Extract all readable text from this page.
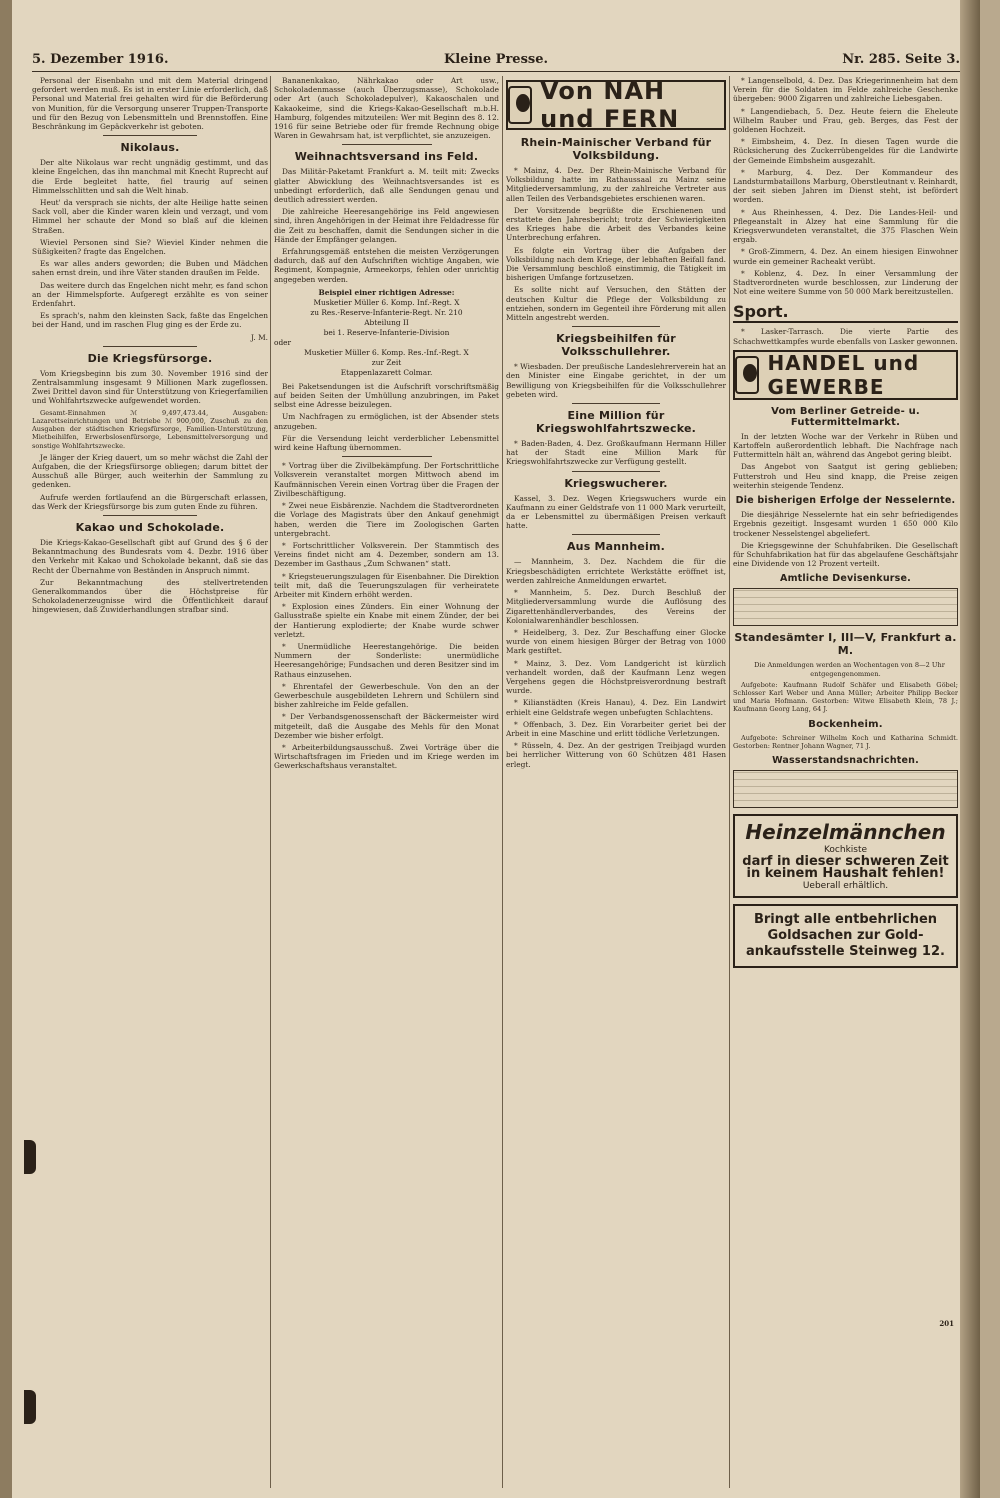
5. Dezember 1916.	Kleine Presse.	Nr. 285. Seite 3.

Personal der Eisenbahn und mit dem Material dringend gefordert werden muß. Es ist in erster Linie erforderlich, daß Personal und Material frei gehalten wird für die Beförderung von Munition, für die Versorgung unserer Truppen-Transporte und für den Bezug von Lebensmitteln und Brennstoffen. Eine Beschränkung im Gepäckverkehr ist geboten.

Nikolaus.

Der alte Nikolaus war recht ungnädig gestimmt, und das kleine Engelchen, das ihn manchmal mit Knecht Ruprecht auf die Erde begleitet hatte, fiel traurig auf seinen Himmelsschlitten und sah die Welt hinab.

Heut' da versprach sie nichts, der alte Heilige hatte seinen Sack voll, aber die Kinder waren klein und verzagt, und vom Himmel her schaute der Mond so blaß auf die kleinen Straßen.

Wieviel Personen sind Sie? Wieviel Kinder nehmen die Süßigkeiten? fragte das Engelchen.

Es war alles anders geworden; die Buben und Mädchen sahen ernst drein, und ihre Väter standen draußen im Felde.

Das weitere durch das Engelchen nicht mehr, es fand schon an der Himmelspforte. Aufgeregt erzählte es von seiner Erdenfahrt.

Es sprach's, nahm den kleinsten Sack, faßte das Engelchen bei der Hand, und im raschen Flug ging es der Erde zu.

J. M.

Die Kriegsfürsorge.

Vom Kriegsbeginn bis zum 30. November 1916 sind der Zentralsammlung insgesamt 9 Millionen Mark zugeflossen. Zwei Drittel davon sind für Unterstützung von Kriegerfamilien und Wohlfahrtszwecke aufgewendet worden.

Gesamt-Einnahmen ℳ 9,497,473.44, Ausgaben: Lazarettseinrichtungen und Betriebe ℳ 900,000, Zuschuß zu den Ausgaben der städtischen Kriegsfürsorge, Familien-Unterstützung, Mietbeihilfen, Erwerbslosenfürsorge, Lebensmittelversorgung und sonstige Wohlfahrtszwecke.

Je länger der Krieg dauert, um so mehr wächst die Zahl der Aufgaben, die der Kriegsfürsorge obliegen; darum bittet der Ausschuß alle Bürger, auch weiterhin der Sammlung zu gedenken.

Aufrufe werden fortlaufend an die Bürgerschaft erlassen, das Werk der Kriegsfürsorge bis zum guten Ende zu führen.

Kakao und Schokolade.

Die Kriegs-Kakao-Gesellschaft gibt auf Grund des § 6 der Bekanntmachung des Bundesrats vom 4. Dezbr. 1916 über den Verkehr mit Kakao und Schokolade bekannt, daß sie das Recht der Übernahme von Beständen in Anspruch nimmt.

Zur Bekanntmachung des stellvertretenden Generalkommandos über die Höchstpreise für Schokoladenerzeugnisse wird die Öffentlichkeit darauf hingewiesen, daß Zuwiderhandlungen strafbar sind.

Bananenkakao, Nährkakao oder Art usw., Schokoladenmasse (auch Überzugsmasse), Schokolade oder Art (auch Schokoladepulver), Kakaoschalen und Kakaokeime, sind die Kriegs-Kakao-Gesellschaft m.b.H. Hamburg, folgendes mitzuteilen: Wer mit Beginn des 8. 12. 1916 für seine Betriebe oder für fremde Rechnung obige Waren in Gewahrsam hat, ist verpflichtet, sie anzuzeigen.

Weihnachtsversand ins Feld.

Das Militär-Paketamt Frankfurt a. M. teilt mit: Zwecks glatter Abwicklung des Weihnachtsversandes ist es unbedingt erforderlich, daß alle Sendungen genau und deutlich adressiert werden.

Die zahlreiche Heeresangehörige ins Feld angewiesen sind, ihren Angehörigen in der Heimat ihre Feldadresse für die Zeit zu beschaffen, damit die Sendungen sicher in die Hände der Empfänger gelangen.

Erfahrungsgemäß entstehen die meisten Verzögerungen dadurch, daß auf den Aufschriften wichtige Angaben, wie Regiment, Kompagnie, Armeekorps, fehlen oder unrichtig angegeben werden.

Beispiel einer richtigen Adresse:
Musketier Müller 6. Komp. Inf.-Regt. X
zu Res.-Reserve-Infanterie-Regt. Nr. 210
Abteilung II
bei 1. Reserve-Infanterie-Division
oder
Musketier Müller 6. Komp. Res.-Inf.-Regt. X
zur Zeit
Etappenlazarett Colmar.

Bei Paketsendungen ist die Aufschrift vorschriftsmäßig auf beiden Seiten der Umhüllung anzubringen, im Paket selbst eine Adresse beizulegen.

Um Nachfragen zu ermöglichen, ist der Absender stets anzugeben.

Für die Versendung leicht verderblicher Lebensmittel wird keine Haftung übernommen.

* Vortrag über die Zivilbekämpfung. Der Fortschrittliche Volksverein veranstaltet morgen Mittwoch abend im Kaufmännischen Verein einen Vortrag über die Fragen der Zivilbeschäftigung.

* Zwei neue Eisbärenzie. Nachdem die Stadtverordneten die Vorlage des Magistrats über den Ankauf genehmigt haben, werden die Tiere im Zoologischen Garten untergebracht.

* Fortschrittlicher Volksverein. Der Stammtisch des Vereins findet nicht am 4. Dezember, sondern am 13. Dezember im Gasthaus „Zum Schwanen“ statt.

* Kriegsteuerungszulagen für Eisenbahner. Die Direktion teilt mit, daß die Teuerungszulagen für verheiratete Arbeiter mit Kindern erhöht werden.

* Explosion eines Zünders. Ein einer Wohnung der Gallusstraße spielte ein Knabe mit einem Zünder, der bei der Hantierung explodierte; der Knabe wurde schwer verletzt.

* Unermüdliche Heerestangehörige. Die beiden Nummern der Sonderliste: unermüdliche Heeresangehörige; Fundsachen und deren Besitzer sind im Rathaus einzusehen.

* Ehrentafel der Gewerbeschule. Von den an der Gewerbeschule ausgebildeten Lehrern und Schülern sind bisher zahlreiche im Felde gefallen.

* Der Verbandsgenossenschaft der Bäckermeister wird mitgeteilt, daß die Ausgabe des Mehls für den Monat Dezember wie bisher erfolgt.

* Arbeiterbildungsausschuß. Zwei Vorträge über die Wirtschaftsfragen im Frieden und im Kriege werden im Gewerkschaftshaus veranstaltet.

Von NAH und FERN
Rhein-Mainischer Verband für Volksbildung.

* Mainz, 4. Dez. Der Rhein-Mainische Verband für Volksbildung hatte im Rathaussaal zu Mainz seine Mitgliederversammlung, zu der zahlreiche Vertreter aus allen Teilen des Verbandsgebietes erschienen waren.

Der Vorsitzende begrüßte die Erschienenen und erstattete den Jahresbericht; trotz der Schwierigkeiten des Krieges habe die Arbeit des Verbandes keine Unterbrechung erfahren.

Es folgte ein Vortrag über die Aufgaben der Volksbildung nach dem Kriege, der lebhaften Beifall fand. Die Versammlung beschloß einstimmig, die Tätigkeit im bisherigen Umfange fortzusetzen.

Es sollte nicht auf Versuchen, den Stätten der deutschen Kultur die Pflege der Volksbildung zu entziehen, sondern im Gegenteil ihre Förderung mit allen Mitteln angestrebt werden.

Kriegsbeihilfen für Volksschullehrer.

* Wiesbaden. Der preußische Landeslehrerverein hat an den Minister eine Eingabe gerichtet, in der um Bewilligung von Kriegsbeihilfen für die Volksschullehrer gebeten wird.

Eine Million für Kriegswohlfahrtszwecke.

* Baden-Baden, 4. Dez. Großkaufmann Hermann Hiller hat der Stadt eine Million Mark für Kriegswohlfahrtszwecke zur Verfügung gestellt.

Kriegswucherer.

Kassel, 3. Dez. Wegen Kriegswuchers wurde ein Kaufmann zu einer Geldstrafe von 11 000 Mark verurteilt, da er Lebensmittel zu übermäßigen Preisen verkauft hatte.

Aus Mannheim.

— Mannheim, 3. Dez. Nachdem die für die Kriegsbeschädigten errichtete Werkstätte eröffnet ist, werden zahlreiche Anmeldungen erwartet.

* Mannheim, 5. Dez. Durch Beschluß der Mitgliederversammlung wurde die Auflösung des Zigarettenhändlerverbandes, des Vereins der Kolonialwarenhändler beschlossen.

* Heidelberg, 3. Dez. Zur Beschaffung einer Glocke wurde von einem hiesigen Bürger der Betrag von 1000 Mark gestiftet.

* Mainz, 3. Dez. Vom Landgericht ist kürzlich verhandelt worden, daß der Kaufmann Lenz wegen Vergehens gegen die Höchstpreisverordnung bestraft wurde.

* Kilianstädten (Kreis Hanau), 4. Dez. Ein Landwirt erhielt eine Geldstrafe wegen unbefugten Schlachtens.

* Offenbach, 3. Dez. Ein Vorarbeiter geriet bei der Arbeit in eine Maschine und erlitt tödliche Verletzungen.

* Rüsseln, 4. Dez. An der gestrigen Treibjagd wurden bei herrlicher Witterung von 60 Schützen 481 Hasen erlegt.

* Langenselbold, 4. Dez. Das Kriegerinnenheim hat dem Verein für die Soldaten im Felde zahlreiche Geschenke übergeben: 9000 Zigarren und zahlreiche Liebesgaben.

* Langendiebach, 5. Dez. Heute feiern die Eheleute Wilhelm Rauber und Frau, geb. Berges, das Fest der goldenen Hochzeit.

* Eimbsheim, 4. Dez. In diesen Tagen wurde die Rücksicherung des Zuckerrübengeldes für die Landwirte der Gemeinde Eimbsheim ausgezahlt.

* Marburg, 4. Dez. Der Kommandeur des Landsturmbataillons Marburg, Oberstleutnant v. Reinhardt, der seit sieben Jahren im Dienst steht, ist befördert worden.

* Aus Rheinhessen, 4. Dez. Die Landes-Heil- und Pflegeanstalt in Alzey hat eine Sammlung für die Kriegsverwundeten veranstaltet, die 375 Flaschen Wein ergab.

* Groß-Zimmern, 4. Dez. An einem hiesigen Einwohner wurde ein gemeiner Racheakt verübt.

* Koblenz, 4. Dez. In einer Versammlung der Stadtverordneten wurde beschlossen, zur Linderung der Not eine weitere Summe von 50 000 Mark bereitzustellen.

Sport.

* Lasker-Tarrasch. Die vierte Partie des Schachwettkampfes wurde ebenfalls von Lasker gewonnen.

HANDEL und GEWERBE
Vom Berliner Getreide- u. Futtermittelmarkt.

In der letzten Woche war der Verkehr in Rüben und Kartoffeln außerordentlich lebhaft. Die Nachfrage nach Futtermitteln hält an, während das Angebot gering bleibt.

Das Angebot von Saatgut ist gering geblieben; Futterstroh und Heu sind knapp, die Preise zeigen weiterhin steigende Tendenz.

Die bisherigen Erfolge der Nesselernte.

Die diesjährige Nesselernte hat ein sehr befriedigendes Ergebnis gezeitigt. Insgesamt wurden 1 650 000 Kilo trockener Nesselstengel abgeliefert.

Die Kriegsgewinne der Schuhfabriken. Die Gesellschaft für Schuhfabrikation hat für das abgelaufene Geschäftsjahr eine Dividende von 12 Prozent verteilt.

Amtliche Devisenkurse.
Standesämter I, III—V, Frankfurt a. M.

Die Anmeldungen werden an Wochentagen von 8—2 Uhr entgegengenommen.

Aufgebote: Kaufmann Rudolf Schäfer und Elisabeth Göbel; Schlosser Karl Weber und Anna Müller; Arbeiter Philipp Becker und Maria Hofmann. Gestorben: Witwe Elisabeth Klein, 78 J.; Kaufmann Georg Lang, 64 J.

Bockenheim.

Aufgebote: Schreiner Wilhelm Koch und Katharina Schmidt. Gestorben: Rentner Johann Wagner, 71 J.

Wasserstandsnachrichten.
Heinzelmännchen
Kochkiste
darf in dieser schweren Zeit
in keinem Haushalt fehlen!
Ueberall erhältlich.
Bringt alle entbehrlichen
Goldsachen zur Gold-
ankaufsstelle Steinweg 12.
201
